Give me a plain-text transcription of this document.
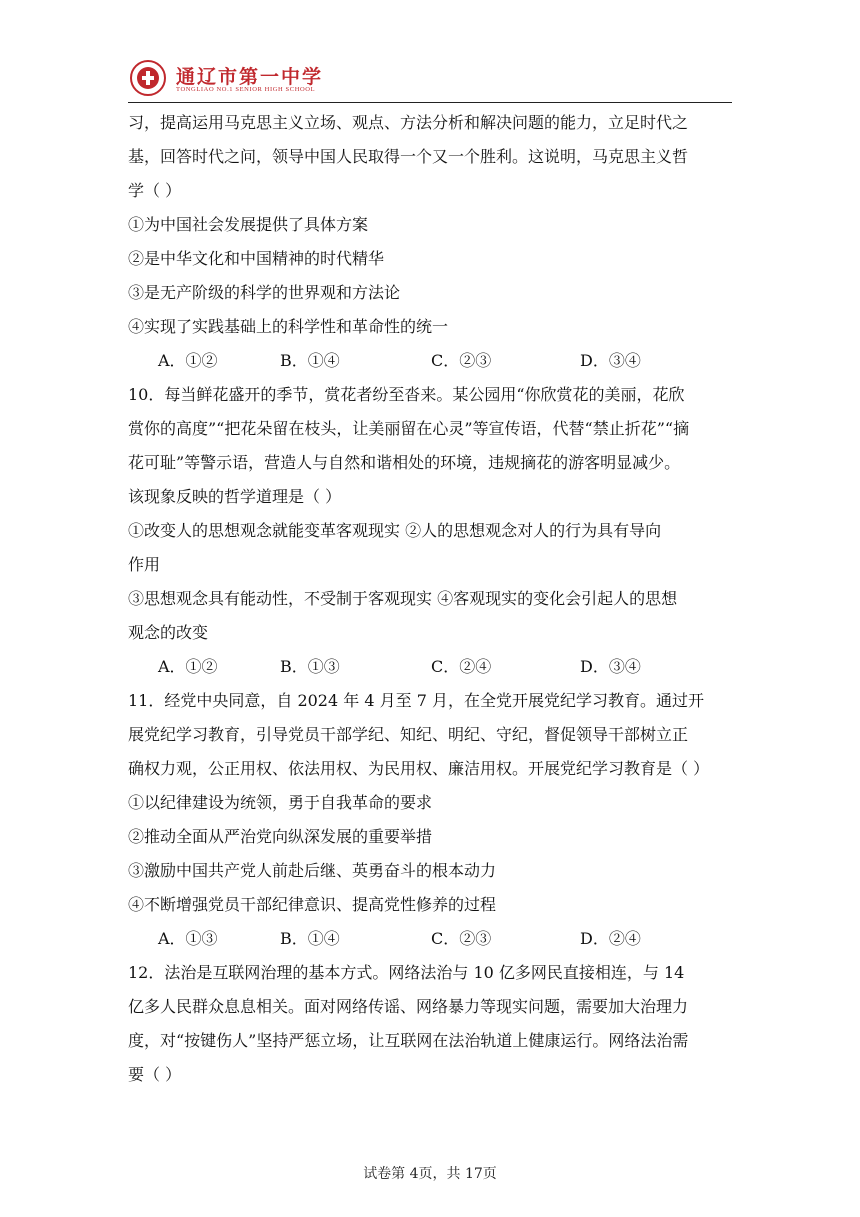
通辽市第一中学
TONGLIAO NO.1 SENIOR HIGH SCHOOL
习，提高运用马克思主义立场、观点、方法分析和解决问题的能力，立足时代之
基，回答时代之问，领导中国人民取得一个又一个胜利。这说明，马克思主义哲
学（ ）
①为中国社会发展提供了具体方案
②是中华文化和中国精神的时代精华
③是无产阶级的科学的世界观和方法论
④实现了实践基础上的科学性和革命性的统一
A．①②	B．①④	C．②③	D．③④
10．每当鲜花盛开的季节，赏花者纷至沓来。某公园用“你欣赏花的美丽，花欣
赏你的高度”“把花朵留在枝头，让美丽留在心灵”等宣传语，代替“禁止折花”“摘
花可耻”等警示语，营造人与自然和谐相处的环境，违规摘花的游客明显减少。
该现象反映的哲学道理是（ ）
①改变人的思想观念就能变革客观现实 ②人的思想观念对人的行为具有导向
作用
③思想观念具有能动性，不受制于客观现实 ④客观现实的变化会引起人的思想
观念的改变
A．①②	B．①③	C．②④	D．③④
11．经党中央同意，自 2024 年 4 月至 7 月，在全党开展党纪学习教育。通过开
展党纪学习教育，引导党员干部学纪、知纪、明纪、守纪，督促领导干部树立正
确权力观，公正用权、依法用权、为民用权、廉洁用权。开展党纪学习教育是（ ）
①以纪律建设为统领，勇于自我革命的要求
②推动全面从严治党向纵深发展的重要举措
③激励中国共产党人前赴后继、英勇奋斗的根本动力
④不断增强党员干部纪律意识、提高党性修养的过程
A．①③	B．①④	C．②③	D．②④
12．法治是互联网治理的基本方式。网络法治与 10 亿多网民直接相连，与 14
亿多人民群众息息相关。面对网络传谣、网络暴力等现实问题，需要加大治理力
度，对“按键伤人”坚持严惩立场，让互联网在法治轨道上健康运行。网络法治需
要（ ）
试卷第 4页，共 17页
